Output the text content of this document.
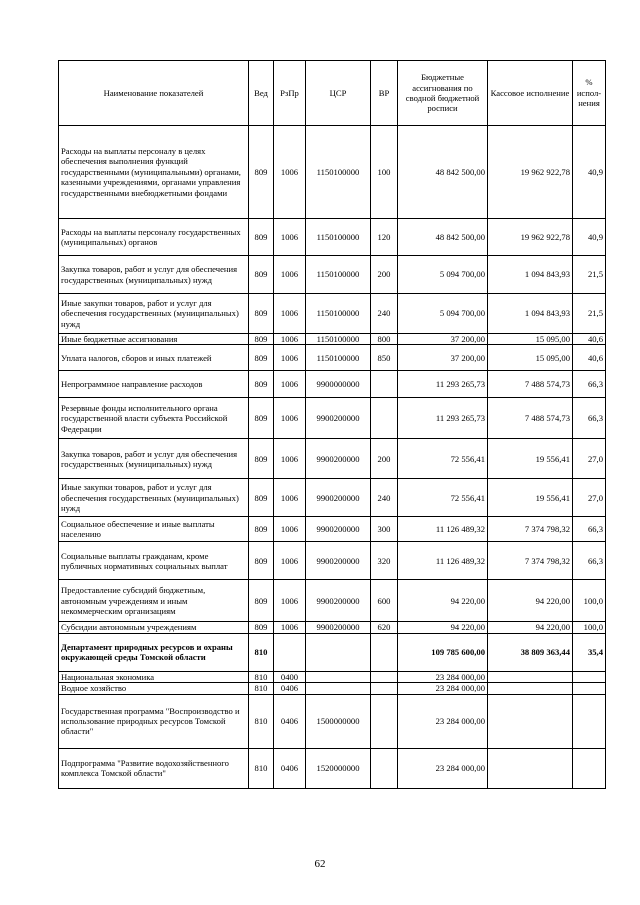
Наименование показателей	Вед	РзПр	ЦСР	ВР	Бюджетные ассигнования по сводной бюджетной росписи	Кассовое исполнение	% испол-нения
Расходы на выплаты персоналу в целях обеспечения выполнения функций государственными (муниципальными) органами, казенными учреждениями, органами управления государственными внебюджетными фондами	809	1006	1150100000	100	48 842 500,00	19 962 922,78	40,9
Расходы на выплаты персоналу государственных (муниципальных) органов	809	1006	1150100000	120	48 842 500,00	19 962 922,78	40,9
Закупка товаров, работ и услуг для обеспечения государственных (муниципальных) нужд	809	1006	1150100000	200	5 094 700,00	1 094 843,93	21,5
Иные закупки товаров, работ и услуг для обеспечения государственных (муниципальных) нужд	809	1006	1150100000	240	5 094 700,00	1 094 843,93	21,5
Иные бюджетные ассигнования	809	1006	1150100000	800	37 200,00	15 095,00	40,6
Уплата налогов, сборов и иных платежей	809	1006	1150100000	850	37 200,00	15 095,00	40,6
Непрограммное направление расходов	809	1006	9900000000		11 293 265,73	7 488 574,73	66,3
Резервные фонды исполнительного органа государственной власти субъекта Российской Федерации	809	1006	9900200000		11 293 265,73	7 488 574,73	66,3
Закупка товаров, работ и услуг для обеспечения государственных (муниципальных) нужд	809	1006	9900200000	200	72 556,41	19 556,41	27,0
Иные закупки товаров, работ и услуг для обеспечения государственных (муниципальных) нужд	809	1006	9900200000	240	72 556,41	19 556,41	27,0
Социальное обеспечение и иные выплаты населению	809	1006	9900200000	300	11 126 489,32	7 374 798,32	66,3
Социальные выплаты гражданам, кроме публичных нормативных социальных выплат	809	1006	9900200000	320	11 126 489,32	7 374 798,32	66,3
Предоставление субсидий бюджетным, автономным учреждениям и иным некоммерческим организациям	809	1006	9900200000	600	94 220,00	94 220,00	100,0
Субсидии автономным учреждениям	809	1006	9900200000	620	94 220,00	94 220,00	100,0
Департамент природных ресурсов и охраны окружающей среды Томской области	810				109 785 600,00	38 809 363,44	35,4
Национальная экономика	810	0400			23 284 000,00		
Водное хозяйство	810	0406			23 284 000,00		
Государственная программа "Воспроизводство и использование природных ресурсов Томской области"	810	0406	1500000000		23 284 000,00		
Подпрограмма "Развитие водохозяйственного комплекса Томской области"	810	0406	1520000000		23 284 000,00		
62
